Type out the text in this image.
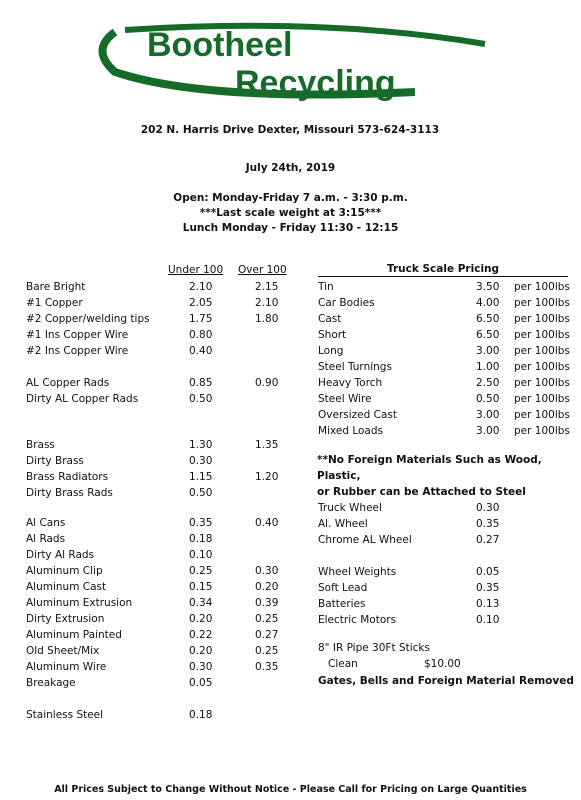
Bootheel
Recycling
202 N. Harris Drive Dexter, Missouri 573-624-3113
July 24th, 2019
Open: Monday-Friday 7 a.m. - 3:30 p.m.
***Last scale weight at 3:15***
Lunch Monday - Friday 11:30 - 12:15
Under 100 Over 100
Bare Bright	2.10	2.15
#1 Copper	2.05	2.10
#2 Copper/welding tips	1.75	1.80
#1 Ins Copper Wire	0.80
#2 Ins Copper Wire	0.40
AL Copper Rads	0.85	0.90
Dirty AL Copper Rads	0.50
Brass	1.30	1.35
Dirty Brass	0.30
Brass Radiators	1.15	1.20
Dirty Brass Rads	0.50
Al Cans	0.35	0.40
Al Rads	0.18
Dirty Al Rads	0.10
Aluminum Clip	0.25	0.30
Aluminum Cast	0.15	0.20
Aluminum Extrusion	0.34	0.39
Dirty Extrusion	0.20	0.25
Aluminum Painted	0.22	0.27
Old Sheet/Mix	0.20	0.25
Aluminum Wire	0.30	0.35
Breakage	0.05
Stainless Steel	0.18
Truck Scale Pricing
Tin	3.50 per 100lbs
Car Bodies	4.00 per 100lbs
Cast	6.50 per 100lbs
Short	6.50 per 100lbs
Long	3.00 per 100lbs
Steel Turnings	1.00 per 100lbs
Heavy Torch	2.50 per 100lbs
Steel Wire	0.50 per 100lbs
Oversized Cast	3.00 per 100lbs
Mixed Loads	3.00 per 100lbs
**No Foreign Materials Such as Wood, Plastic,
or Rubber can be Attached to Steel
Truck Wheel	0.30
Al. Wheel	0.35
Chrome AL Wheel	0.27
Wheel Weights	0.05
Soft Lead	0.35
Batteries	0.13
Electric Motors	0.10
8" IR Pipe 30Ft Sticks
Clean	$10.00
Gates, Bells and Foreign Material Removed
All Prices Subject to Change Without Notice - Please Call for Pricing on Large Quantities
